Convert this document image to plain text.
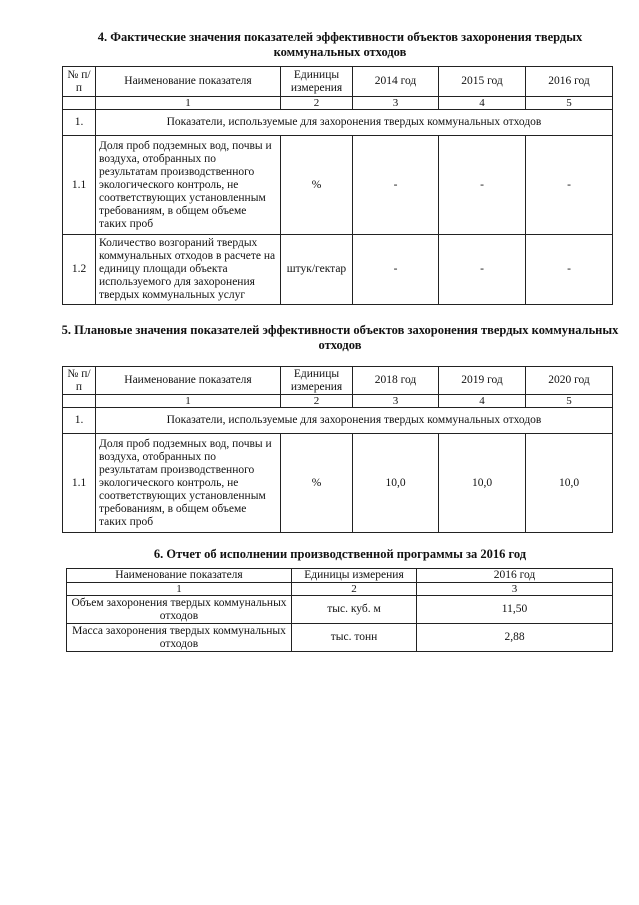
4. Фактические значения показателей эффективности объектов захоронения твердых коммунальных отходов
№ п/п	Наименование показателя	Единицы измерения	2014 год	2015 год	2016 год
	1	2	3	4	5
1.	Показатели, используемые для захоронения твердых коммунальных отходов				
1.1	Доля проб подземных вод, почвы и воздуха, отобранных по результатам производственного экологического контроль, не соответствующих установленным требованиям, в общем объеме таких проб	%	-	-	-
1.2	Количество возгораний твердых коммунальных отходов в расчете на единицу площади объекта используемого для захоронения твердых коммунальных услуг	штук/гектар	-	-	-
5. Плановые значения показателей эффективности объектов захоронения твердых коммунальных отходов
№ п/п	Наименование показателя	Единицы измерения	2018 год	2019 год	2020 год
	1	2	3	4	5
1.	Показатели, используемые для захоронения твердых коммунальных отходов				
1.1	Доля проб подземных вод, почвы и воздуха, отобранных по результатам производственного экологического контроль, не соответствующих установленным требованиям, в общем объеме таких проб	%	10,0	10,0	10,0
6. Отчет об исполнении производственной программы за 2016 год
Наименование показателя	Единицы измерения	2016 год
1	2	3
Объем захоронения твердых коммунальных отходов	тыс. куб. м	11,50
Масса захоронения твердых коммунальных отходов	тыс. тонн	2,88
